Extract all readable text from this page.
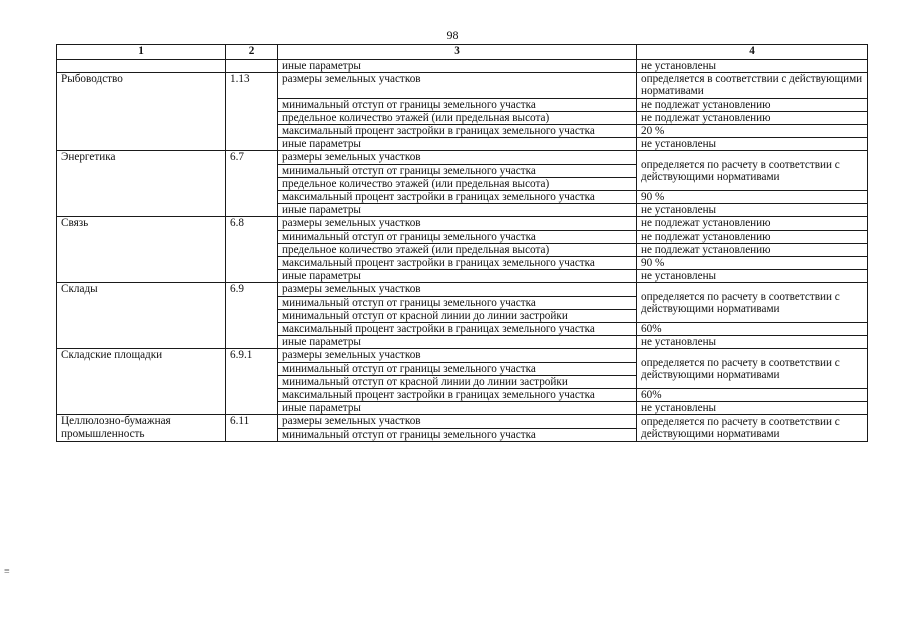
98
≡
1	2	3	4
		иные параметры	не установлены
Рыбоводство	1.13	размеры земельных участков	определяется в соответствии с действующими нормативами
		минимальный отступ от границы земельного участка	не подлежат установлению
		предельное количество этажей (или предельная высота)	не подлежат установлению
		максимальный процент застройки в границах земельного участка	20 %
		иные параметры	не установлены
Энергетика	6.7	размеры земельных участков	определяется по расчету в соответствии с действующими нормативами
		минимальный отступ от границы земельного участка	
		предельное количество этажей (или предельная высота)	
		максимальный процент застройки в границах земельного участка	90 %
		иные параметры	не установлены
Связь	6.8	размеры земельных участков	не подлежат установлению
		минимальный отступ от границы земельного участка	не подлежат установлению
		предельное количество этажей (или предельная высота)	не подлежат установлению
		максимальный процент застройки в границах земельного участка	90 %
		иные параметры	не установлены
Склады	6.9	размеры земельных участков	определяется по расчету в соответствии с действующими нормативами
		минимальный отступ от границы земельного участка	
		минимальный отступ от красной линии до линии застройки	
		максимальный процент застройки в границах земельного участка	60%
		иные параметры	не установлены
Складские площадки	6.9.1	размеры земельных участков	определяется по расчету в соответствии с действующими нормативами
		минимальный отступ от границы земельного участка	
		минимальный отступ от красной линии до линии застройки	
		максимальный процент застройки в границах земельного участка	60%
		иные параметры	не установлены
Целлюлозно-бумажная промышленность	6.11	размеры земельных участков	определяется по расчету в соответствии с действующими нормативами
		минимальный отступ от границы земельного участка	
